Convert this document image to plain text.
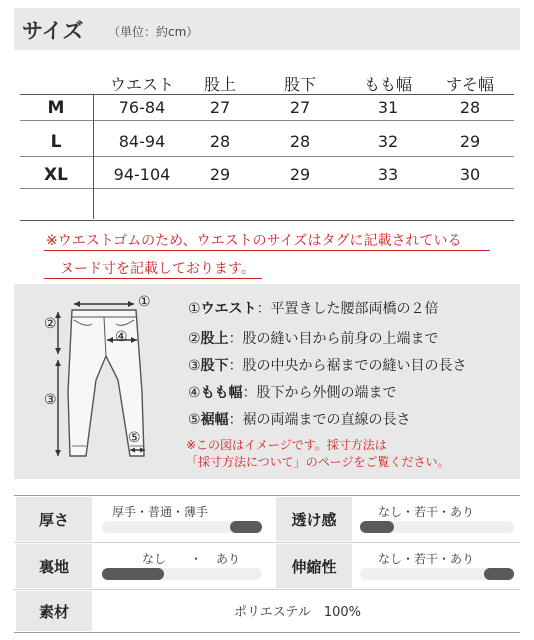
サイズ （単位：約cm）
ウエスト	股上	股下	もも幅	すそ幅
M	76-84	27	27	31	28
L	84-94	28	28	32	29
XL	94-104	29	29	33	30
※ウエストゴムのため、ウエストのサイズはタグに記載されている
ヌード寸を記載しております。
①
②
③
④
⑤
①ウエスト：平置きした腰部両橋の２倍
②股上：股の縫い目から前身の上端まで
③股下：股の中央から裾までの縫い目の長さ
④もも幅：股下から外側の端まで
⑤裾幅：裾の両端までの直線の長さ
※この図はイメージです。採寸方法は
「採寸方法について」のページをご覧ください。
厚さ	厚手・普通・薄手	透け感	なし・若干・あり
裏地	なし ・ あり	伸縮性	なし・若干・あり
素材	ポリエステル　100%
